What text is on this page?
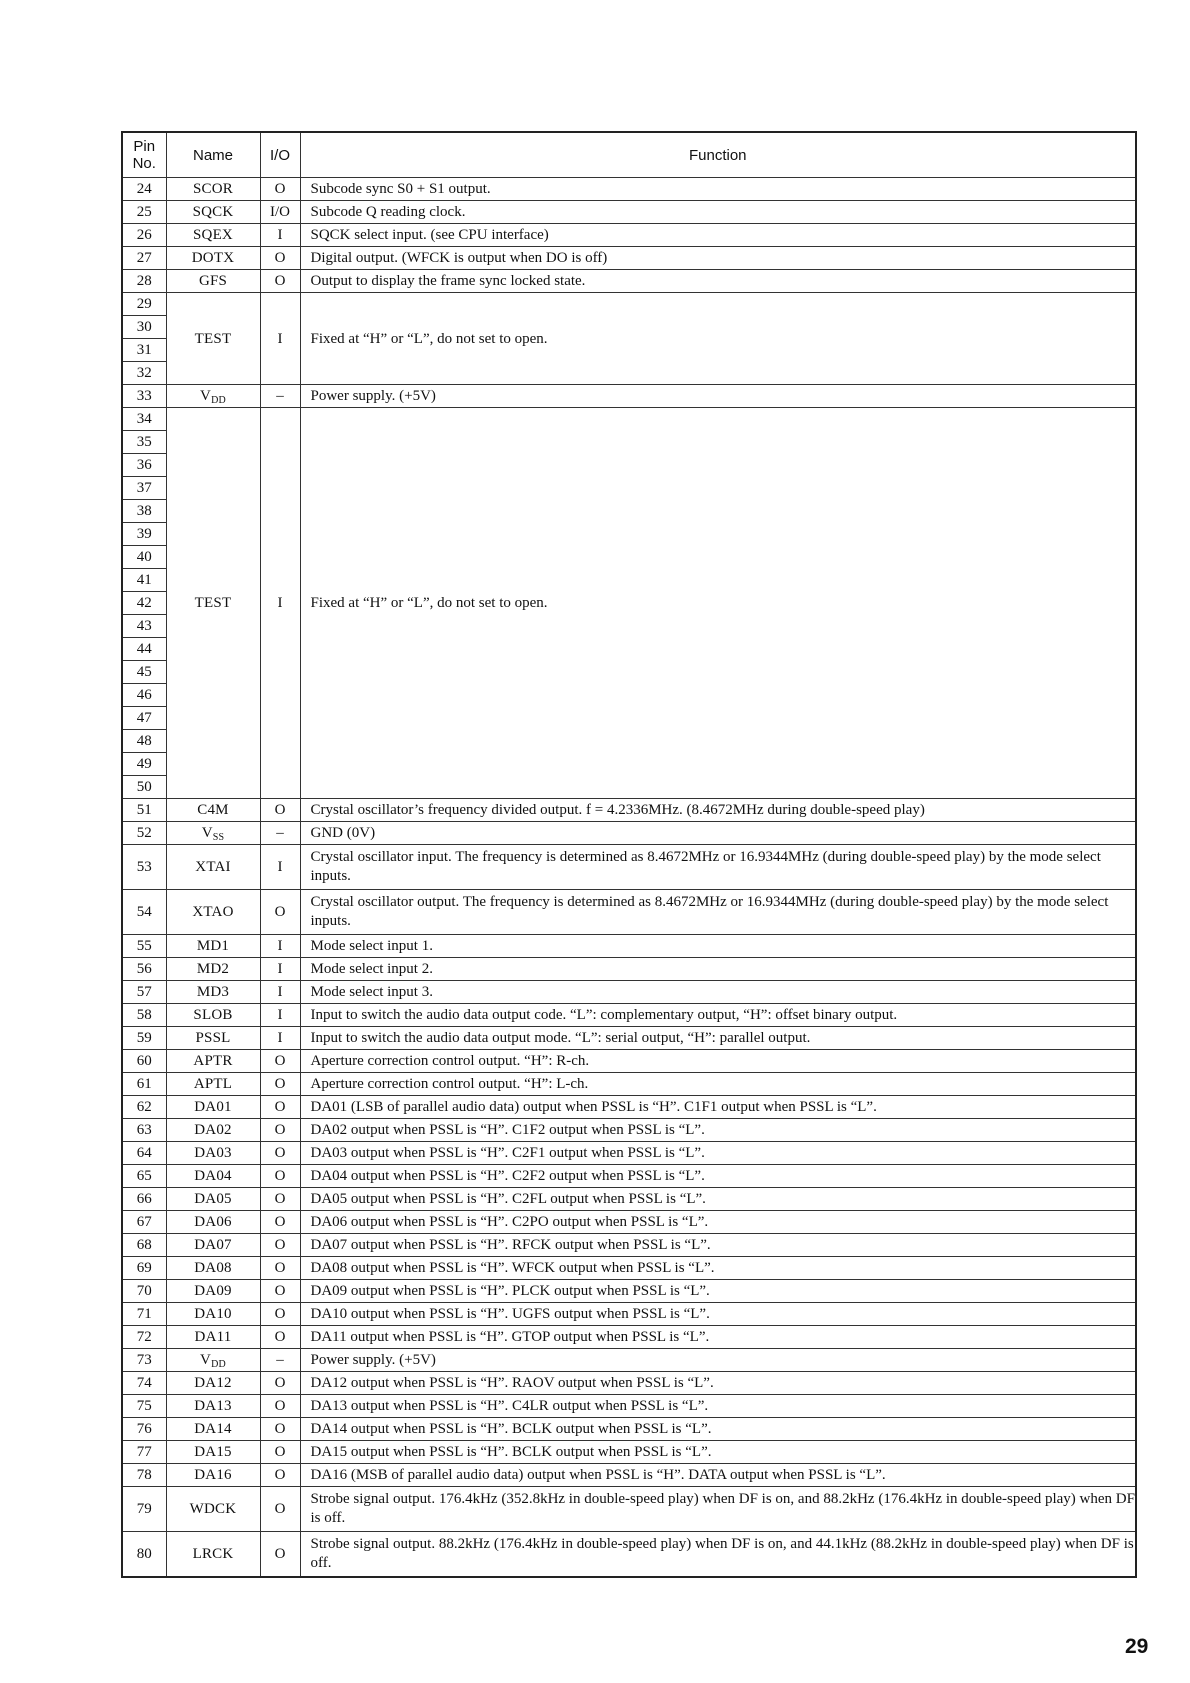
Pin No.	Name	I/O	Function
24	SCOR	O	Subcode sync S0 + S1 output.
25	SQCK	I/O	Subcode Q reading clock.
26	SQEX	I	SQCK select input. (see CPU interface)
27	DOTX	O	Digital output. (WFCK is output when DO is off)
28	GFS	O	Output to display the frame sync locked state.
29	TEST	I	Fixed at “H” or “L”, do not set to open.
30			
31			
32			
33	$V_{DD}$	–	Power supply. (+5V)
34	TEST	I	Fixed at “H” or “L”, do not set to open.
35			
36			
37			
38			
39			
40			
41			
42			
43			
44			
45			
46			
47			
48			
49			
50			
51	C4M	O	Crystal oscillator’s frequency divided output. f = 4.2336MHz. (8.4672MHz during double-speed play)
52	$V_{SS}$	–	GND (0V)
53	XTAI	I	Crystal oscillator input. The frequency is determined as 8.4672MHz or 16.9344MHz (during double-speed play) by the mode select inputs.
54	XTAO	O	Crystal oscillator output. The frequency is determined as 8.4672MHz or 16.9344MHz (during double-speed play) by the mode select inputs.
55	MD1	I	Mode select input 1.
56	MD2	I	Mode select input 2.
57	MD3	I	Mode select input 3.
58	SLOB	I	Input to switch the audio data output code. “L”: complementary output, “H”: offset binary output.
59	PSSL	I	Input to switch the audio data output mode. “L”: serial output, “H”: parallel output.
60	APTR	O	Aperture correction control output. “H”: R-ch.
61	APTL	O	Aperture correction control output. “H”: L-ch.
62	DA01	O	DA01 (LSB of parallel audio data) output when PSSL is “H”. C1F1 output when PSSL is “L”.
63	DA02	O	DA02 output when PSSL is “H”. C1F2 output when PSSL is “L”.
64	DA03	O	DA03 output when PSSL is “H”. C2F1 output when PSSL is “L”.
65	DA04	O	DA04 output when PSSL is “H”. C2F2 output when PSSL is “L”.
66	DA05	O	DA05 output when PSSL is “H”. C2FL output when PSSL is “L”.
67	DA06	O	DA06 output when PSSL is “H”. C2PO output when PSSL is “L”.
68	DA07	O	DA07 output when PSSL is “H”. RFCK output when PSSL is “L”.
69	DA08	O	DA08 output when PSSL is “H”. WFCK output when PSSL is “L”.
70	DA09	O	DA09 output when PSSL is “H”. PLCK output when PSSL is “L”.
71	DA10	O	DA10 output when PSSL is “H”. UGFS output when PSSL is “L”.
72	DA11	O	DA11 output when PSSL is “H”. GTOP output when PSSL is “L”.
73	$V_{DD}$	–	Power supply. (+5V)
74	DA12	O	DA12 output when PSSL is “H”. RAOV output when PSSL is “L”.
75	DA13	O	DA13 output when PSSL is “H”. C4LR output when PSSL is “L”.
76	DA14	O	DA14 output when PSSL is “H”. BCLK output when PSSL is “L”.
77	DA15	O	DA15 output when PSSL is “H”. BCLK output when PSSL is “L”.
78	DA16	O	DA16 (MSB of parallel audio data) output when PSSL is “H”. DATA output when PSSL is “L”.
79	WDCK	O	Strobe signal output. 176.4kHz (352.8kHz in double-speed play) when DF is on, and 88.2kHz (176.4kHz in double-speed play) when DF is off.
80	LRCK	O	Strobe signal output. 88.2kHz (176.4kHz in double-speed play) when DF is on, and 44.1kHz (88.2kHz in double-speed play) when DF is off.
29
